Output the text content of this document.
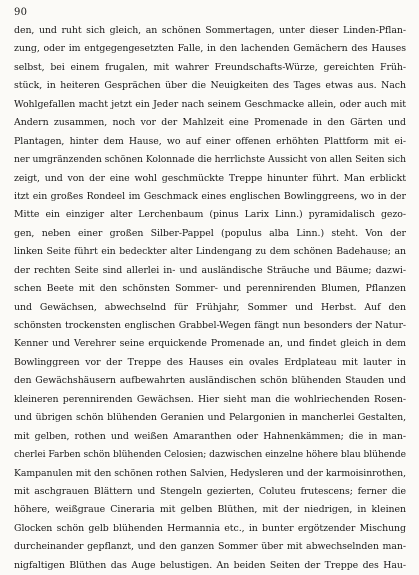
90
den, und ruht sich gleich, an schönen Sommertagen, unter dieser Linden-Pflan-
zung, oder im entgegengesetzten Falle, in den lachenden Gemächern des Hauses
selbst, bei einem frugalen, mit wahrer Freundschafts-Würze, gereichten Früh-
stück, in heiteren Gesprächen über die Neuigkeiten des Tages etwas aus. Nach
Wohlgefallen macht jetzt ein Jeder nach seinem Geschmacke allein, oder auch mit
Andern zusammen, noch vor der Mahlzeit eine Promenade in den Gärten und
Plantagen, hinter dem Hause, wo auf einer offenen erhöhten Plattform mit ei-
ner umgränzenden schönen Kolonnade die herrlichste Aussicht von allen Seiten sich
zeigt, und von der eine wohl geschmückte Treppe hinunter führt. Man erblickt
itzt ein großes Rondeel im Geschmack eines englischen Bowlinggreens, wo in der
Mitte ein einziger alter Lerchenbaum (pinus Larix Linn.) pyramidalisch gezo-
gen, neben einer großen Silber-Pappel (populus alba Linn.) steht. Von der
linken Seite führt ein bedeckter alter Lindengang zu dem schönen Badehause; an
der rechten Seite sind allerlei in- und ausländische Sträuche und Bäume; dazwi-
schen Beete mit den schönsten Sommer- und perennirenden Blumen, Pflanzen
und Gewächsen, abwechselnd für Frühjahr, Sommer und Herbst. Auf den
schönsten trockensten englischen Grabbel-Wegen fängt nun besonders der Natur-
Kenner und Verehrer seine erquickende Promenade an, und findet gleich in dem
Bowlinggreen vor der Treppe des Hauses ein ovales Erdplateau mit lauter in
den Gewächshäusern aufbewahrten ausländischen schön blühenden Stauden und
kleineren perennirenden Gewächsen. Hier sieht man die wohlriechenden Rosen-
und übrigen schön blühenden Geranien und Pelargonien in mancherlei Gestalten,
mit gelben, rothen und weißen Amaranthen oder Hahnenkämmen; die in man-
cherlei Farben schön blühenden Celosien; dazwischen einzelne höhere blau blühende
Kampanulen mit den schönen rothen Salvien, Hedysleren und der karmoisinrothen,
mit aschgrauen Blättern und Stengeln gezierten, Coluteu frutescens; ferner die
höhere, weißgraue Cineraria mit gelben Blüthen, mit der niedrigen, in kleinen
Glocken schön gelb blühenden Hermannia etc., in bunter ergötzender Mischung
durcheinander gepflanzt, und den ganzen Sommer über mit abwechselnden man-
nigfaltigen Blüthen das Auge belustigen. An beiden Seiten der Treppe des Hau-
